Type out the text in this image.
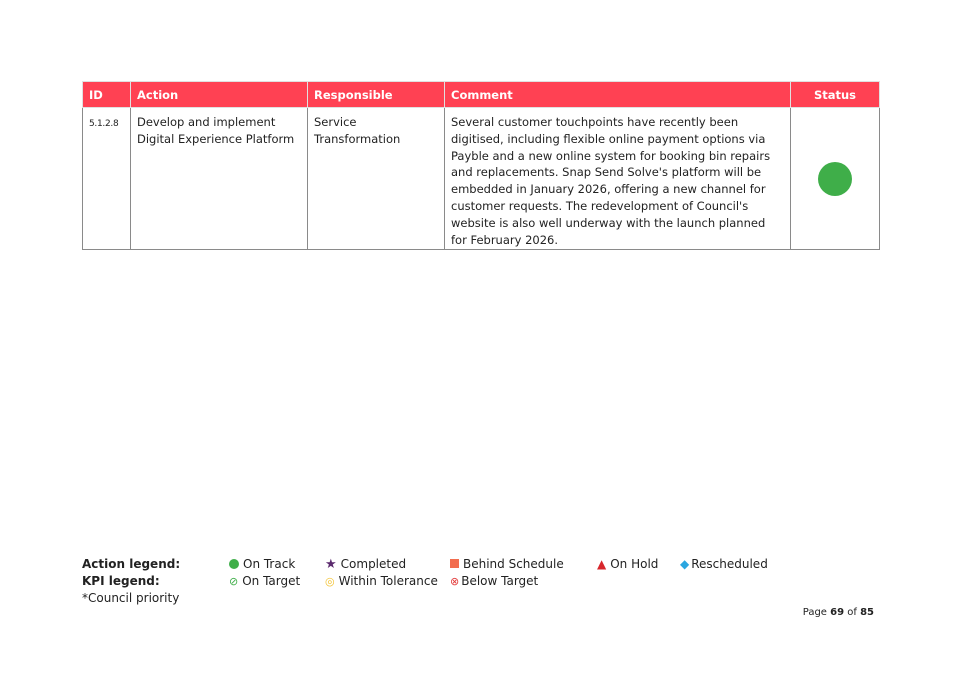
ID	Action	Responsible	Comment	Status
5.1.2.8	Develop and implement Digital Experience Platform	Service Transformation	Several customer touchpoints have recently been digitised, including flexible online payment options via Payble and a new online system for booking bin repairs and replacements. Snap Send Solve's platform will be embedded in January 2026, offering a new channel for customer requests. The redevelopment of Council's website is also well underway with the launch planned for February 2026.	
Action legend:
KPI legend:
*Council priority
On Track ★ Completed	Behind Schedule	▲ On Hold ◆ Rescheduled
⊘ On Target ◎ Within Tolerance ⊗ Below Target
Page 69 of 85
